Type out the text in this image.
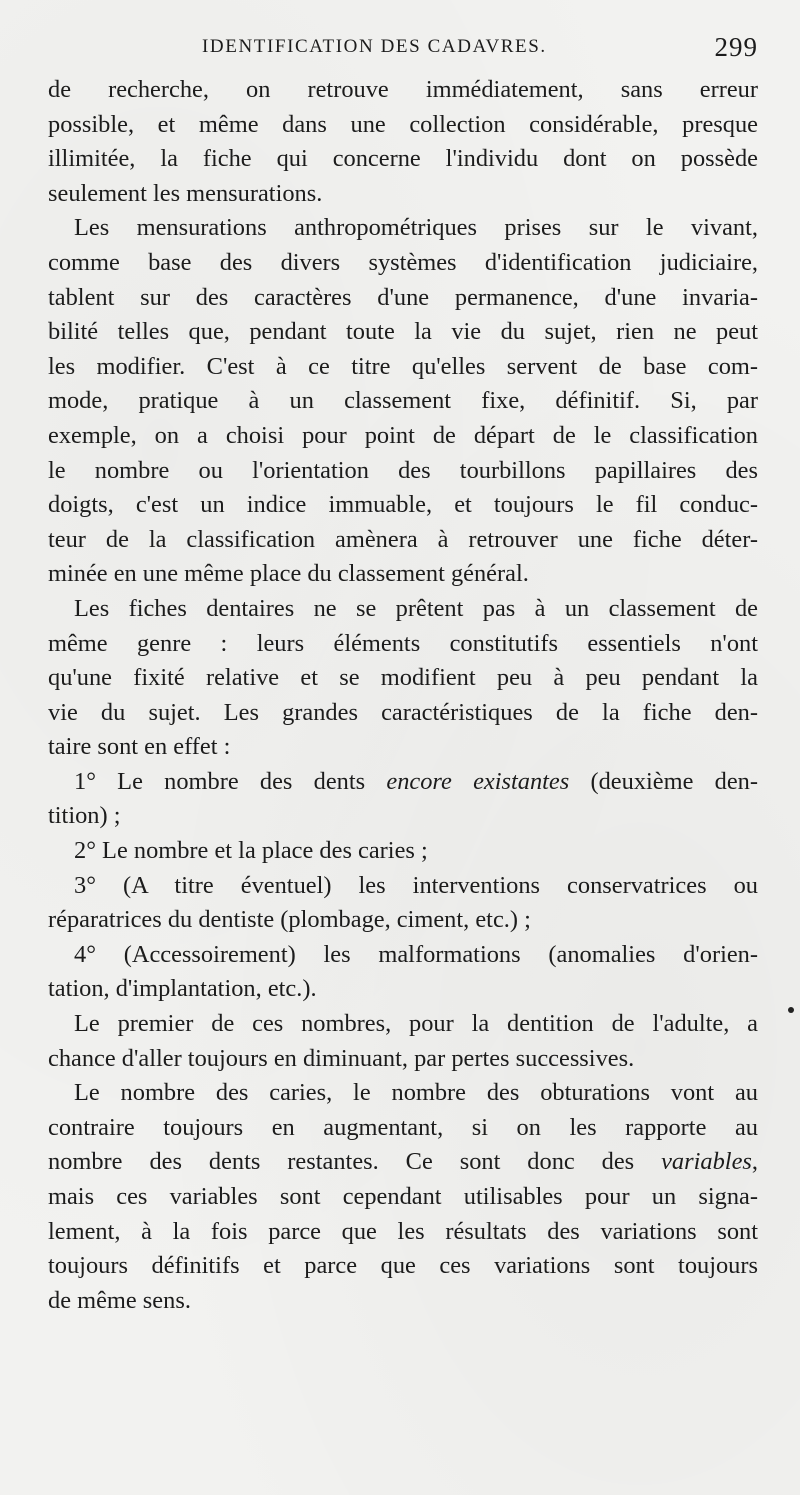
IDENTIFICATION DES CADAVRES.	299
de recherche, on retrouve immédiatement, sans erreur
possible, et même dans une collection considérable, presque
illimitée, la fiche qui concerne l'individu dont on possède
seulement les mensurations.
Les mensurations anthropométriques prises sur le vivant,
comme base des divers systèmes d'identification judiciaire,
tablent sur des caractères d'une permanence, d'une invaria-
bilité telles que, pendant toute la vie du sujet, rien ne peut
les modifier. C'est à ce titre qu'elles servent de base com-
mode, pratique à un classement fixe, définitif. Si, par
exemple, on a choisi pour point de départ de le classification
le nombre ou l'orientation des tourbillons papillaires des
doigts, c'est un indice immuable, et toujours le fil conduc-
teur de la classification amènera à retrouver une fiche déter-
minée en une même place du classement général.
Les fiches dentaires ne se prêtent pas à un classement de
même genre : leurs éléments constitutifs essentiels n'ont
qu'une fixité relative et se modifient peu à peu pendant la
vie du sujet. Les grandes caractéristiques de la fiche den-
taire sont en effet :
1° Le nombre des dents encore existantes (deuxième den-
tition) ;
2° Le nombre et la place des caries ;
3° (A titre éventuel) les interventions conservatrices ou
réparatrices du dentiste (plombage, ciment, etc.) ;
4° (Accessoirement) les malformations (anomalies d'orien-
tation, d'implantation, etc.).
Le premier de ces nombres, pour la dentition de l'adulte, a
chance d'aller toujours en diminuant, par pertes successives.
Le nombre des caries, le nombre des obturations vont au
contraire toujours en augmentant, si on les rapporte au
nombre des dents restantes. Ce sont donc des variables,
mais ces variables sont cependant utilisables pour un signa-
lement, à la fois parce que les résultats des variations sont
toujours définitifs et parce que ces variations sont toujours
de même sens.
